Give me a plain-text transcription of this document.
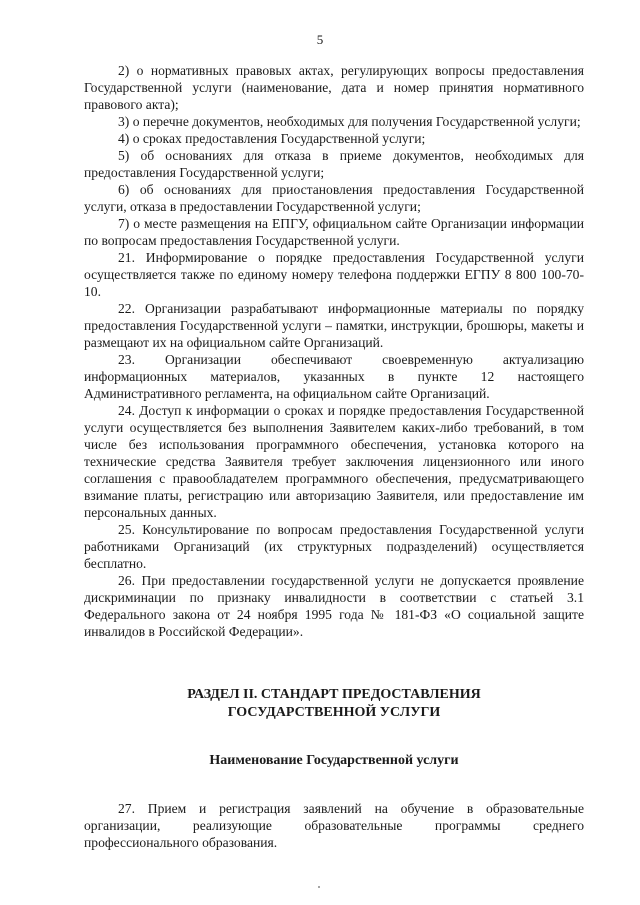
5

2) о нормативных правовых актах, регулирующих вопросы предоставления Государственной услуги (наименование, дата и номер принятия нормативного правового акта);

3) о перечне документов, необходимых для получения Государственной услуги;

4) о сроках предоставления Государственной услуги;

5) об основаниях для отказа в приеме документов, необходимых для предоставления Государственной услуги;

6) об основаниях для приостановления предоставления Государственной услуги, отказа в предоставлении Государственной услуги;

7) о месте размещения на ЕПГУ, официальном сайте Организации информации по вопросам предоставления Государственной услуги.

21. Информирование о порядке предоставления Государственной услуги осуществляется также по единому номеру телефона поддержки ЕГПУ 8 800 100-70-10.

22. Организации разрабатывают информационные материалы по порядку предоставления Государственной услуги – памятки, инструкции, брошюры, макеты и размещают их на официальном сайте Организаций.

23. Организации обеспечивают своевременную актуализацию информационных материалов, указанных в пункте 12 настоящего Административного регламента, на официальном сайте Организаций.

24. Доступ к информации о сроках и порядке предоставления Государственной услуги осуществляется без выполнения Заявителем каких-либо требований, в том числе без использования программного обеспечения, установка которого на технические средства Заявителя требует заключения лицензионного или иного соглашения с правообладателем программного обеспечения, предусматривающего взимание платы, регистрацию или авторизацию Заявителя, или предоставление им персональных данных.

25. Консультирование по вопросам предоставления Государственной услуги работниками Организаций (их структурных подразделений) осуществляется бесплатно.

26. При предоставлении государственной услуги не допускается проявление дискриминации по признаку инвалидности в соответствии с статьей 3.1 Федерального закона от 24 ноября 1995 года № 181-ФЗ «О социальной защите инвалидов в Российской Федерации».

РАЗДЕЛ II. СТАНДАРТ ПРЕДОСТАВЛЕНИЯ
ГОСУДАРСТВЕННОЙ УСЛУГИ
Наименование Государственной услуги

27. Прием и регистрация заявлений на обучение в образовательные организации, реализующие образовательные программы среднего профессионального образования.
